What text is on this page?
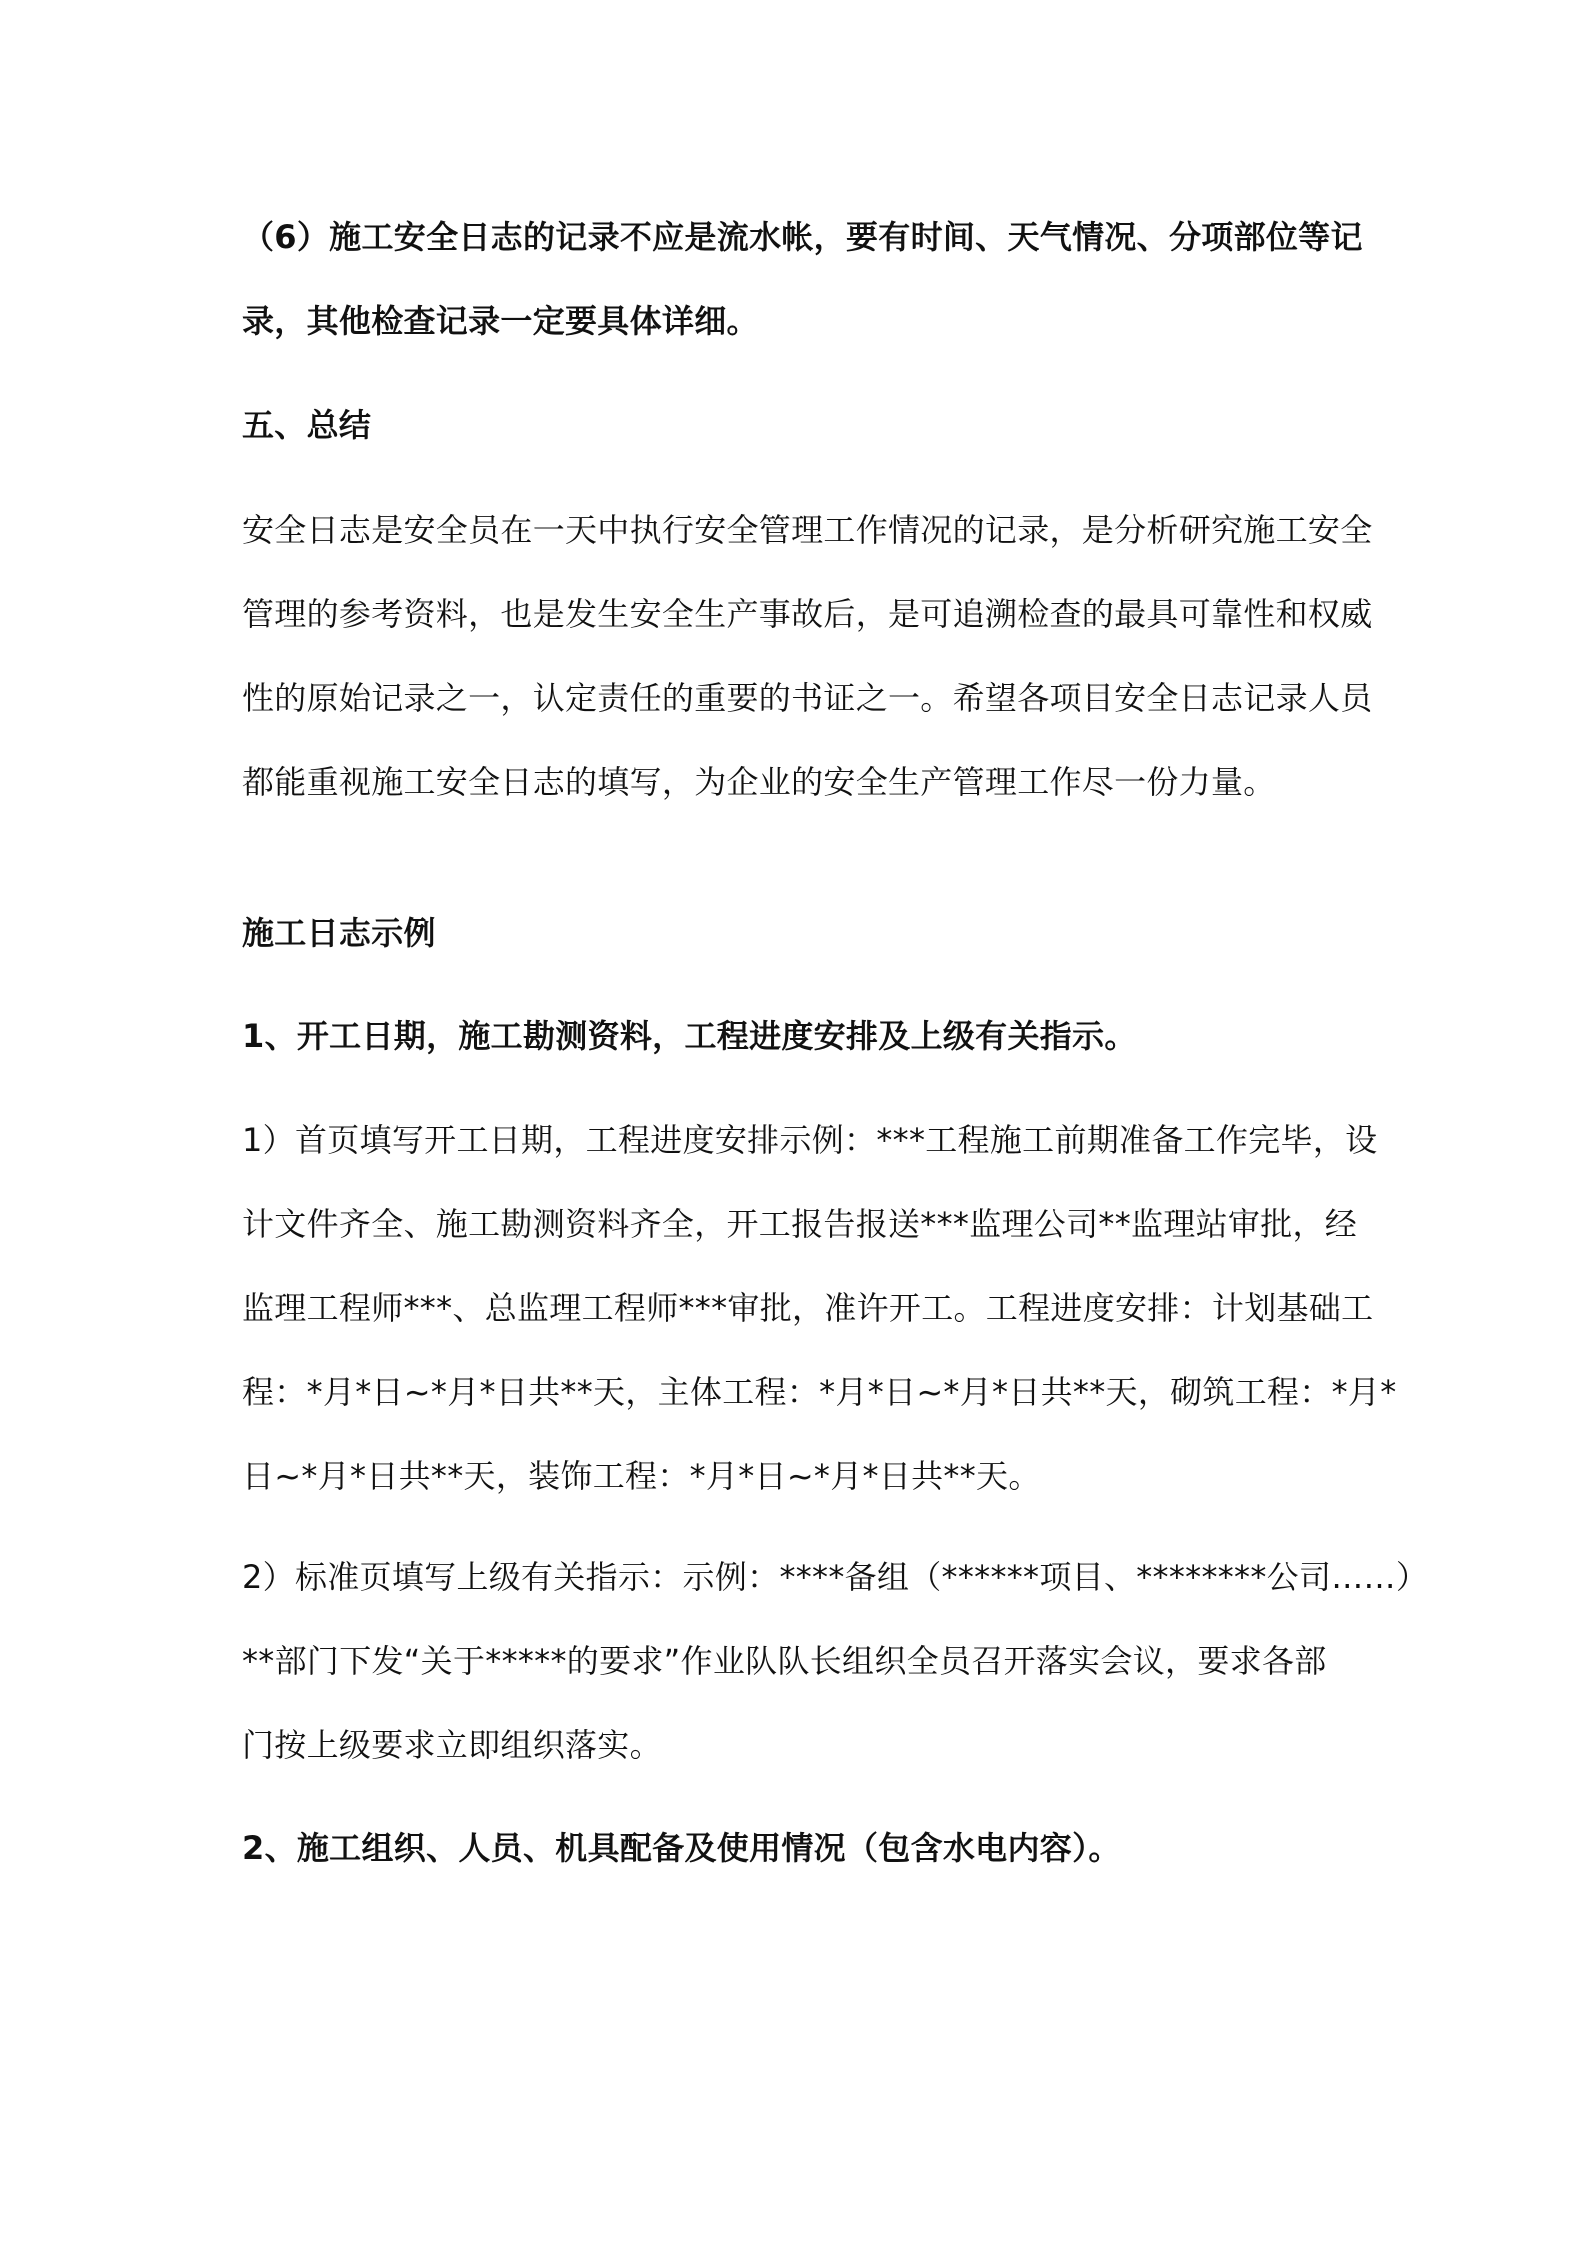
（6）施工安全日志的记录不应是流水帐，要有时间、天气情况、分项部位等记
录，其他检查记录一定要具体详细。
五、总结
安全日志是安全员在一天中执行安全管理工作情况的记录，是分析研究施工安全
管理的参考资料，也是发生安全生产事故后，是可追溯检查的最具可靠性和权威
性的原始记录之一，认定责任的重要的书证之一。希望各项目安全日志记录人员
都能重视施工安全日志的填写，为企业的安全生产管理工作尽一份力量。
施工日志示例
1、开工日期，施工勘测资料，工程进度安排及上级有关指示。
1）首页填写开工日期，工程进度安排示例：***工程施工前期准备工作完毕，设
计文件齐全、施工勘测资料齐全，开工报告报送***监理公司**监理站审批，经
监理工程师***、总监理工程师***审批，准许开工。工程进度安排：计划基础工
程：*月*日~*月*日共**天，主体工程：*月*日~*月*日共**天，砌筑工程：*月*
日~*月*日共**天，装饰工程：*月*日~*月*日共**天。
2）标准页填写上级有关指示：示例：****备组（******项目、********公司……）
**部门下发“关于*****的要求”作业队队长组织全员召开落实会议，要求各部
门按上级要求立即组织落实。
2、施工组织、人员、机具配备及使用情况（包含水电内容）。
